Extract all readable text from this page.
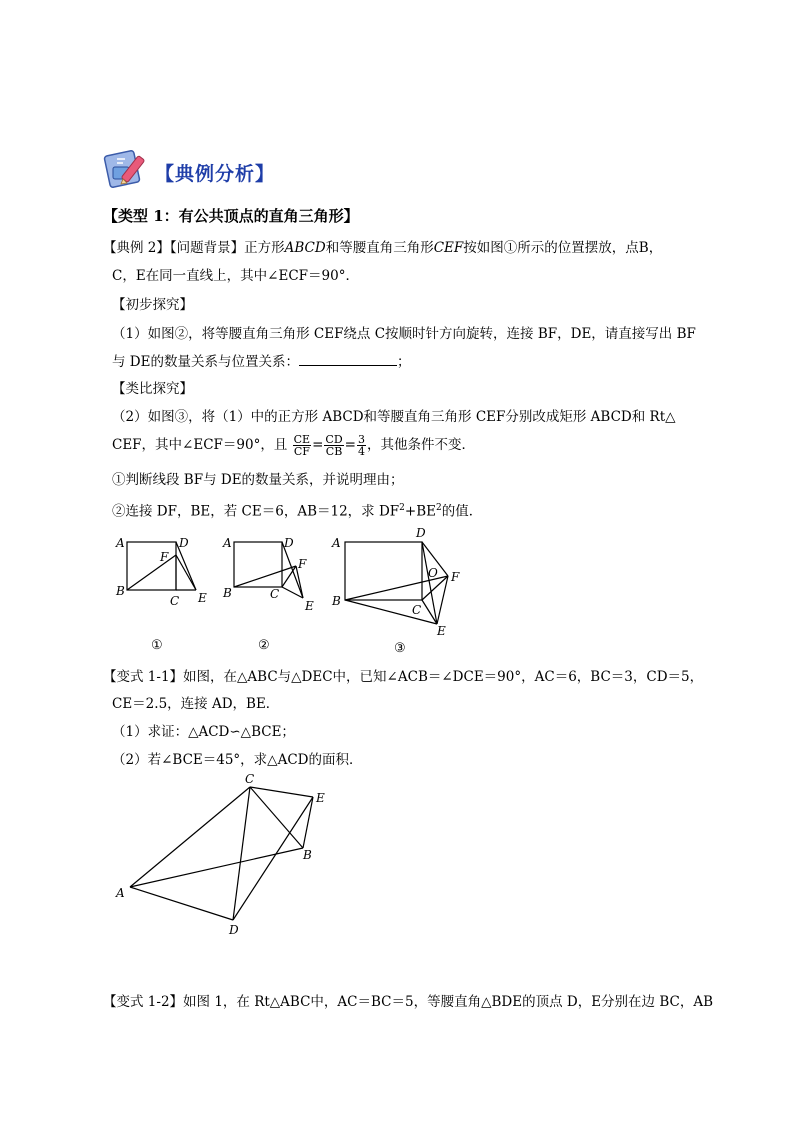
【典例分析】
【类型 1：有公共顶点的直角三角形】
【典例 2】【问题背景】正方形ABCD和等腰直角三角形CEF按如图①所示的位置摆放，点B，
C，E在同一直线上，其中∠ECF＝90°．
【初步探究】
（1）如图②，将等腰直角三角形 CEF绕点 C按顺时针方向旋转，连接 BF，DE，请直接写出 BF
与 DE的数量关系与位置关系：	；
【类比探究】
（2）如图③，将（1）中的正方形 ABCD和等腰直角三角形 CEF分别改成矩形 ABCD和 Rt△
CEF，其中∠ECF＝90°，且 $\frac{CE}{CF} = \frac{CD}{CB} = \frac{3}{4}$ ，其他条件不变．
①判断线段 BF与 DE的数量关系，并说明理由；
②连接 DF，BE，若 CE＝6，AB＝12，求 $DF^2+BE^2$的值．
A
B
C
D
E
F
①
A
B	C
D
E
F
②
A
B
C
D
E
F
O
③
【变式 1-1】如图，在△ABC与△DEC中，已知∠ACB＝∠DCE＝90°，AC＝6，BC＝3，CD＝5，
CE＝2.5，连接 AD，BE．
（1）求证：△ACD∽△BCE；
（2）若∠BCE＝45°，求△ACD的面积．
C
E
B
A
D
【变式 1-2】如图 1，在 Rt△ABC中，AC＝BC＝5，等腰直角△BDE的顶点 D，E分别在边 BC，AB
